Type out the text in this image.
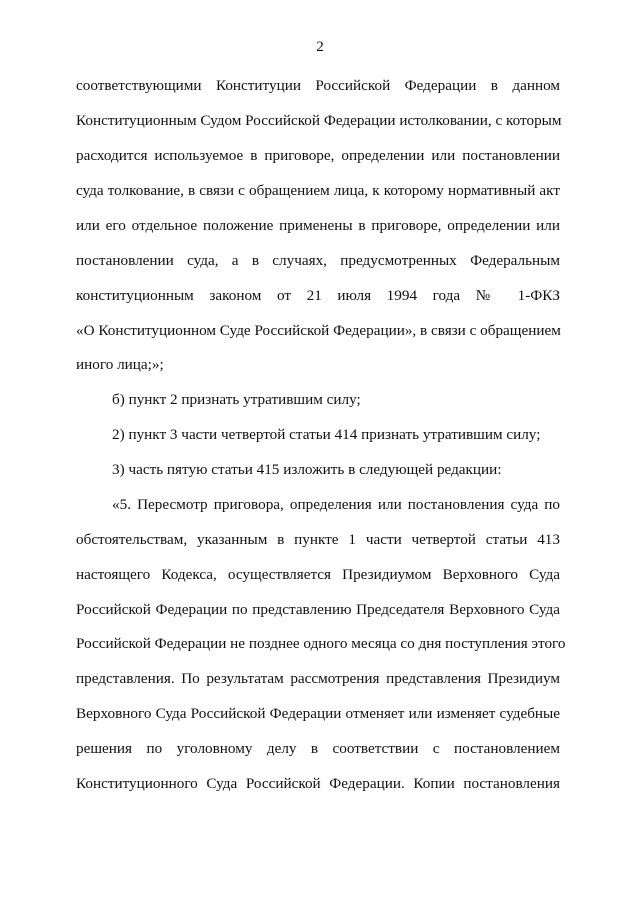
2
соответствующими Конституции Российской Федерации в данном
Конституционным Судом Российской Федерации истолковании, с которым
расходится используемое в приговоре, определении или постановлении
суда толкование, в связи с обращением лица, к которому нормативный акт
или его отдельное положение применены в приговоре, определении или
постановлении суда, а в случаях, предусмотренных Федеральным
конституционным законом от 21 июля 1994 года № 1-ФКЗ
«О Конституционном Суде Российской Федерации», в связи с обращением
иного лица;»;
б) пункт 2 признать утратившим силу;
2) пункт 3 части четвертой статьи 414 признать утратившим силу;
3) часть пятую статьи 415 изложить в следующей редакции:
«5. Пересмотр приговора, определения или постановления суда по
обстоятельствам, указанным в пункте 1 части четвертой статьи 413
настоящего Кодекса, осуществляется Президиумом Верховного Суда
Российской Федерации по представлению Председателя Верховного Суда
Российской Федерации не позднее одного месяца со дня поступления этого
представления. По результатам рассмотрения представления Президиум
Верховного Суда Российской Федерации отменяет или изменяет судебные
решения по уголовному делу в соответствии с постановлением
Конституционного Суда Российской Федерации. Копии постановления
